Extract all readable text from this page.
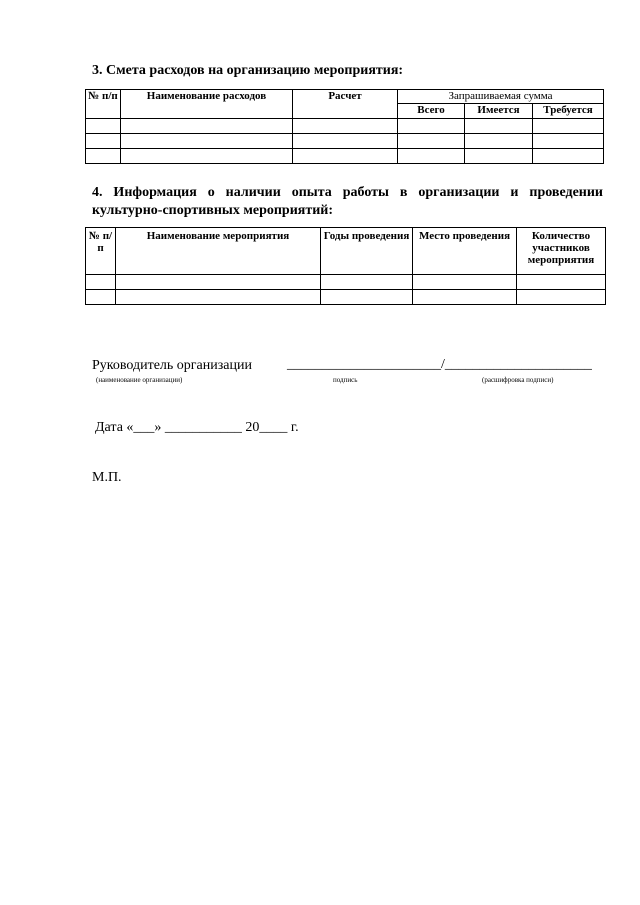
3. Смета расходов на организацию мероприятия:
№ п/п	Наименование расходов	Расчет	Запрашиваемая сумма		
			Всего	Имеется	Требуется

4. Информация о наличии опыта работы в организации и проведении культурно-спортивных мероприятий:
№ п/п	Наименование мероприятия	Годы проведения	Место проведения	Количество участников мероприятия

Руководитель организации	______________________/_____________________
(наименование организации)	подпись	(расшифровка подписи)
Дата «___» ___________ 20____ г.
М.П.
